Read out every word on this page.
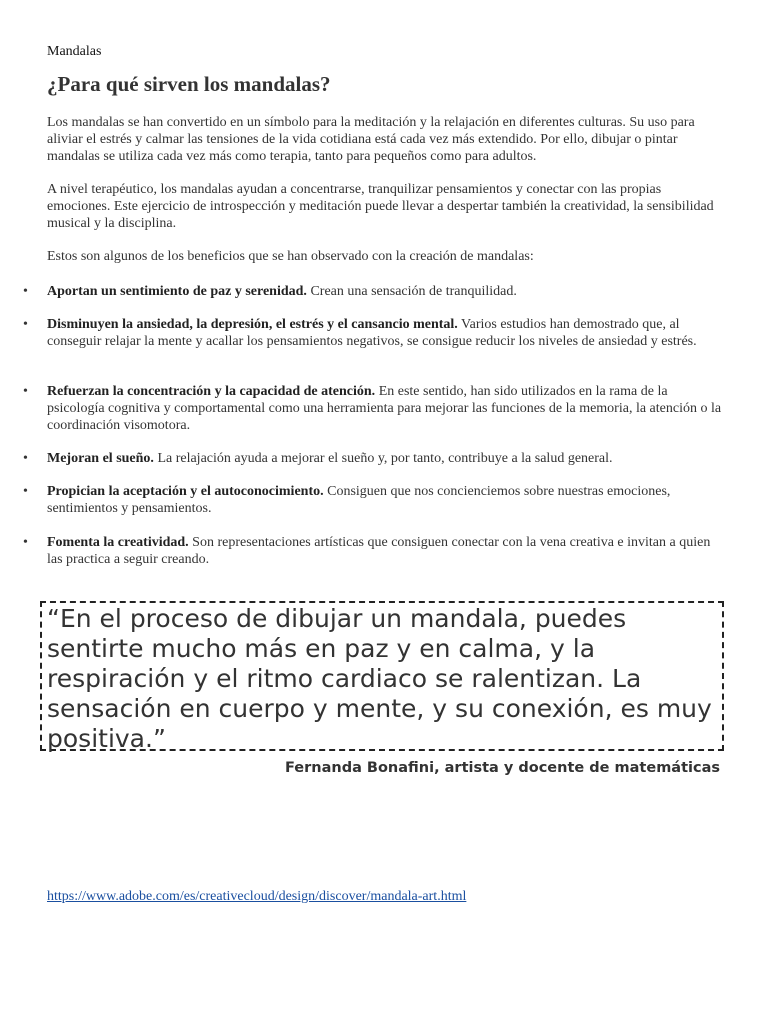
Mandalas
¿Para qué sirven los mandalas?

Los mandalas se han convertido en un símbolo para la meditación y la relajación en diferentes culturas. Su uso para aliviar el estrés y calmar las tensiones de la vida cotidiana está cada vez más extendido. Por ello, dibujar o pintar mandalas se utiliza cada vez más como terapia, tanto para pequeños como para adultos.

A nivel terapéutico, los mandalas ayudan a concentrarse, tranquilizar pensamientos y conectar con las propias emociones. Este ejercicio de introspección y meditación puede llevar a despertar también la creatividad, la sensibilidad musical y la disciplina.

Estos son algunos de los beneficios que se han observado con la creación de mandalas:

• Aportan un sentimiento de paz y serenidad. Crean una sensación de tranquilidad.
• Disminuyen la ansiedad, la depresión, el estrés y el cansancio mental. Varios estudios han demostrado que, al conseguir relajar la mente y acallar los pensamientos negativos, se consigue reducir los niveles de ansiedad y estrés.
• Refuerzan la concentración y la capacidad de atención. En este sentido, han sido utilizados en la rama de la psicología cognitiva y comportamental como una herramienta para mejorar las funciones de la memoria, la atención o la coordinación visomotora.
• Mejoran el sueño. La relajación ayuda a mejorar el sueño y, por tanto, contribuye a la salud general.
• Propician la aceptación y el autoconocimiento. Consiguen que nos concienciemos sobre nuestras emociones, sentimientos y pensamientos.
• Fomenta la creatividad. Son representaciones artísticas que consiguen conectar con la vena creativa e invitan a quien las practica a seguir creando.

“En el proceso de dibujar un mandala, puedes sentirte mucho más en paz y en calma, y la respiración y el ritmo cardiaco se ralentizan. La sensación en cuerpo y mente, y su conexión, es muy positiva.”

Fernanda Bonafini, artista y docente de matemáticas
https://www.adobe.com/es/creativecloud/design/discover/mandala-art.html
